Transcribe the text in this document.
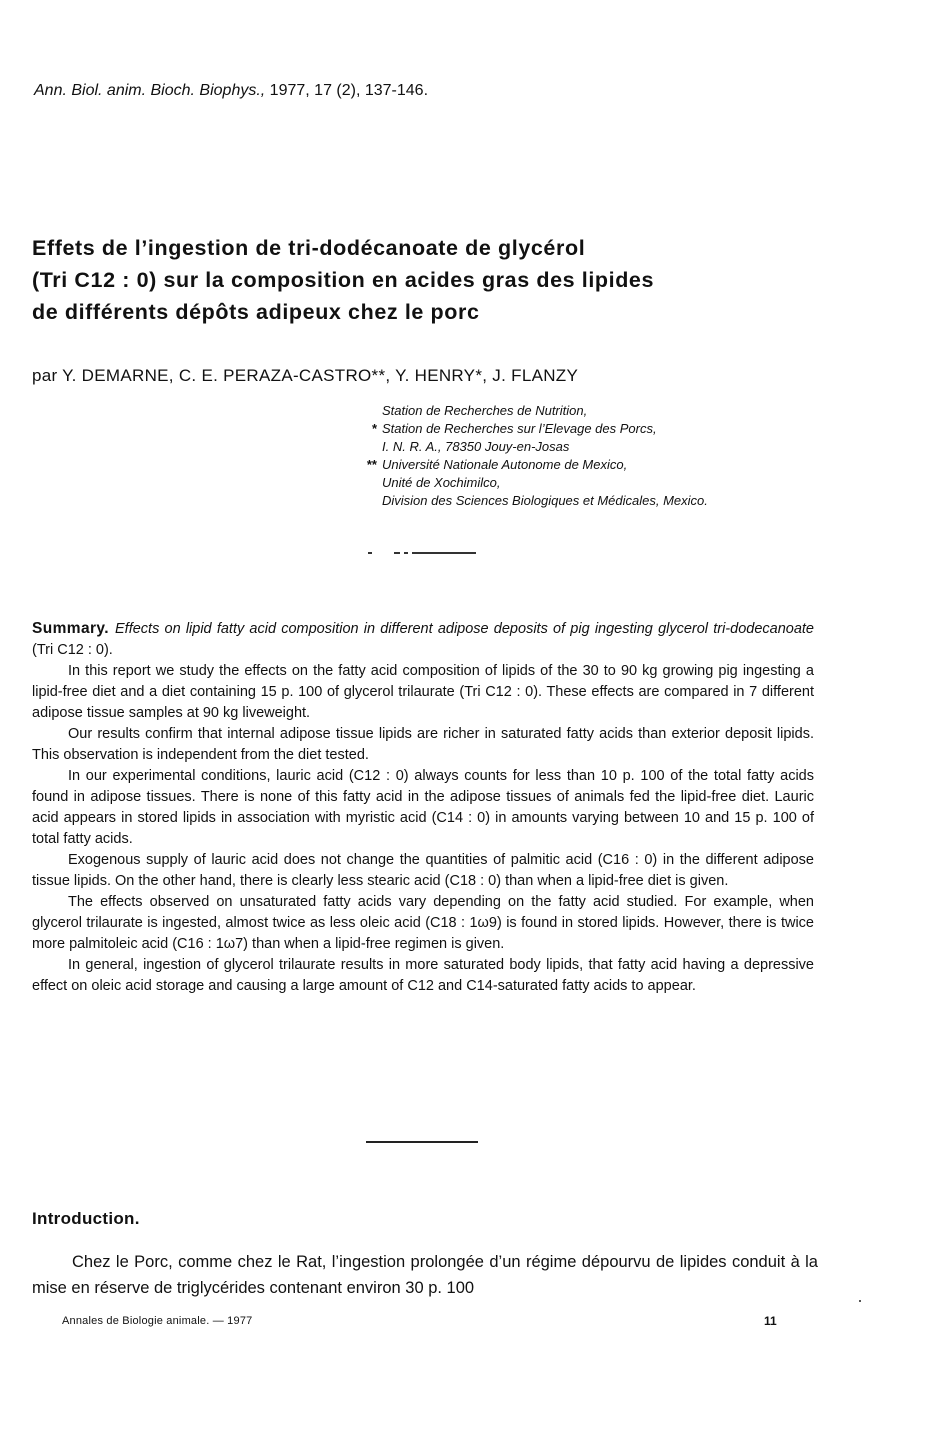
Ann. Biol. anim. Bioch. Biophys., 1977, 17 (2), 137-146.
Effets de l’ingestion de tri-dodécanoate de glycérol
(Tri C12 : 0) sur la composition en acides gras des lipides
de différents dépôts adipeux chez le porc
par Y. DEMARNE, C. E. PERAZA-CASTRO**, Y. HENRY*, J. FLANZY
Station de Recherches de Nutrition,
* Station de Recherches sur l’Elevage des Porcs,
I. N. R. A., 78350 Jouy-en-Josas
** Université Nationale Autonome de Mexico,
Unité de Xochimilco,
Division des Sciences Biologiques et Médicales, Mexico.

Summary. Effects on lipid fatty acid composition in different adipose deposits of pig ingesting glycerol tri-dodecanoate (Tri C12 : 0).

In this report we study the effects on the fatty acid composition of lipids of the 30 to 90 kg growing pig ingesting a lipid-free diet and a diet containing 15 p. 100 of glycerol trilaurate (Tri C12 : 0). These effects are compared in 7 different adipose tissue samples at 90 kg liveweight.

Our results confirm that internal adipose tissue lipids are richer in saturated fatty acids than exterior deposit lipids. This observation is independent from the diet tested.

In our experimental conditions, lauric acid (C12 : 0) always counts for less than 10 p. 100 of the total fatty acids found in adipose tissues. There is none of this fatty acid in the adipose tissues of animals fed the lipid-free diet. Lauric acid appears in stored lipids in association with myristic acid (C14 : 0) in amounts varying between 10 and 15 p. 100 of total fatty acids.

Exogenous supply of lauric acid does not change the quantities of palmitic acid (C16 : 0) in the different adipose tissue lipids. On the other hand, there is clearly less stearic acid (C18 : 0) than when a lipid-free diet is given.

The effects observed on unsaturated fatty acids vary depending on the fatty acid studied. For example, when glycerol trilaurate is ingested, almost twice as less oleic acid (C18 : 1ω9) is found in stored lipids. However, there is twice more palmitoleic acid (C16 : 1ω7) than when a lipid-free regimen is given.

In general, ingestion of glycerol trilaurate results in more saturated body lipids, that fatty acid having a depressive effect on oleic acid storage and causing a large amount of C12 and C14-saturated fatty acids to appear.

Introduction.

Chez le Porc, comme chez le Rat, l’ingestion prolongée d’un régime dépourvu de lipides conduit à la mise en réserve de triglycérides contenant environ 30 p. 100

Annales de Biologie animale. — 1977	11
